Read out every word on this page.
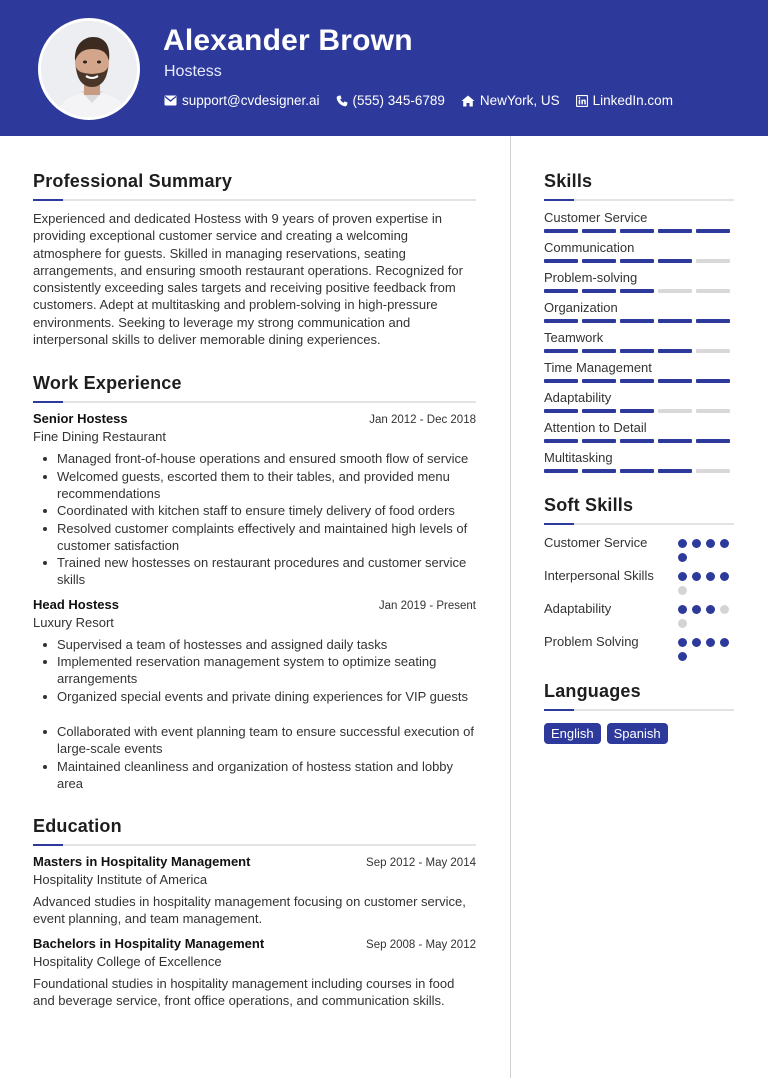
Alexander Brown
Hostess
support@cvdesigner.ai (555) 345-6789	NewYork, US LinkedIn.com
Professional Summary
Experienced and dedicated Hostess with 9 years of proven expertise in providing exceptional customer service and creating a welcoming atmosphere for guests. Skilled in managing reservations, seating arrangements, and ensuring smooth restaurant operations. Recognized for consistently exceeding sales targets and receiving positive feedback from customers. Adept at multitasking and problem-solving in high-pressure environments. Seeking to leverage my strong communication and interpersonal skills to deliver memorable dining experiences.
Work Experience
Senior Hostess	Jan 2012 - Dec 2018
Fine Dining Restaurant
Managed front-of-house operations and ensured smooth flow of service
Welcomed guests, escorted them to their tables, and provided menu recommendations
Coordinated with kitchen staff to ensure timely delivery of food orders
Resolved customer complaints effectively and maintained high levels of customer satisfaction
Trained new hostesses on restaurant procedures and customer service skills
Head Hostess	Jan 2019 - Present
Luxury Resort
Supervised a team of hostesses and assigned daily tasks
Implemented reservation management system to optimize seating arrangements
Organized special events and private dining experiences for VIP guests
Collaborated with event planning team to ensure successful execution of large-scale events
Maintained cleanliness and organization of hostess station and lobby area
Education
Masters in Hospitality Management	Sep 2012 - May 2014
Hospitality Institute of America
Advanced studies in hospitality management focusing on customer service, event planning, and team management.
Bachelors in Hospitality Management	Sep 2008 - May 2012
Hospitality College of Excellence
Foundational studies in hospitality management including courses in food and beverage service, front office operations, and communication skills.
Skills
Customer Service
Communication
Problem-solving
Organization
Teamwork
Time Management
Adaptability
Attention to Detail
Multitasking
Soft Skills
Customer Service
Interpersonal Skills
Adaptability
Problem Solving
Languages
English	Spanish
